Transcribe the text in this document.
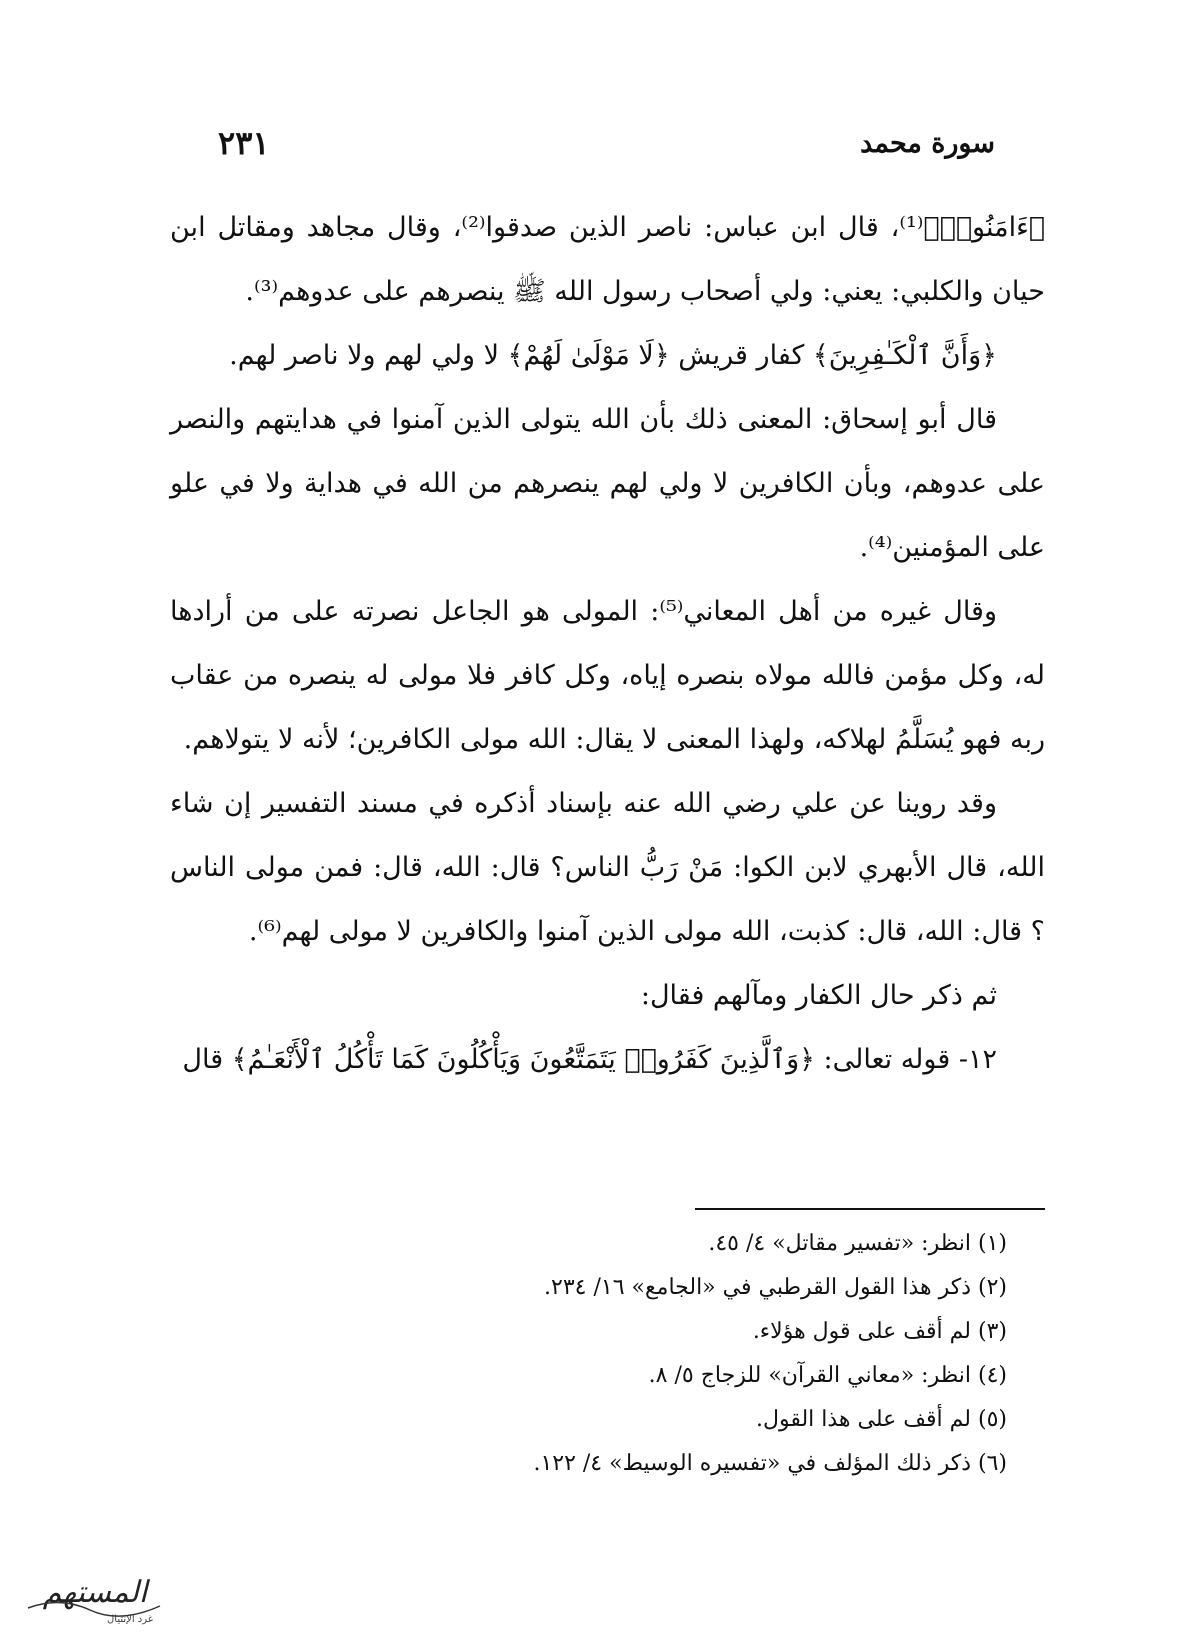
سورة محمد
٢٣١

﴿ءَامَنُوا۟﴾⁽¹⁾، قال ابن عباس: ناصر الذين صدقوا⁽²⁾، وقال مجاهد ومقاتل ابن حيان والكلبي: يعني: ولي أصحاب رسول الله ﷺ ينصرهم على عدوهم⁽³⁾.

﴿وَأَنَّ ٱلْكَـٰفِرِينَ﴾ كفار قريش ﴿لَا مَوْلَىٰ لَهُمْ﴾ لا ولي لهم ولا ناصر لهم.

قال أبو إسحاق: المعنى ذلك بأن الله يتولى الذين آمنوا في هدايتهم والنصر على عدوهم، وبأن الكافرين لا ولي لهم ينصرهم من الله في هداية ولا في علو على المؤمنين⁽⁴⁾.

وقال غيره من أهل المعاني⁽⁵⁾: المولى هو الجاعل نصرته على من أرادها له، وكل مؤمن فالله مولاه بنصره إياه، وكل كافر فلا مولى له ينصره من عقاب ربه فهو يُسَلَّمُ لهلاكه، ولهذا المعنى لا يقال: الله مولى الكافرين؛ لأنه لا يتولاهم.

وقد روينا عن علي رضي الله عنه بإسناد أذكره في مسند التفسير إن شاء الله، قال الأبهري لابن الكوا: مَنْ رَبُّ الناس؟ قال: الله، قال: فمن مولى الناس ؟ قال: الله، قال: كذبت، الله مولى الذين آمنوا والكافرين لا مولى لهم⁽⁶⁾.

ثم ذكر حال الكفار ومآلهم فقال:

١٢- قوله تعالى: ﴿وَٱلَّذِينَ كَفَرُوا۟ يَتَمَتَّعُونَ وَيَأْكُلُونَ كَمَا تَأْكُلُ ٱلْأَنْعَـٰمُ﴾ قال

(١) انظر: «تفسير مقاتل» ٤/ ٤٥.

(٢) ذكر هذا القول القرطبي في «الجامع» ١٦/ ٢٣٤.

(٣) لم أقف على قول هؤلاء.

(٤) انظر: «معاني القرآن» للزجاج ٥/ ٨.

(٥) لم أقف على هذا القول.

(٦) ذكر ذلك المؤلف في «تفسيره الوسيط» ٤/ ١٢٢.

المستهم
غرد الإنتيال
